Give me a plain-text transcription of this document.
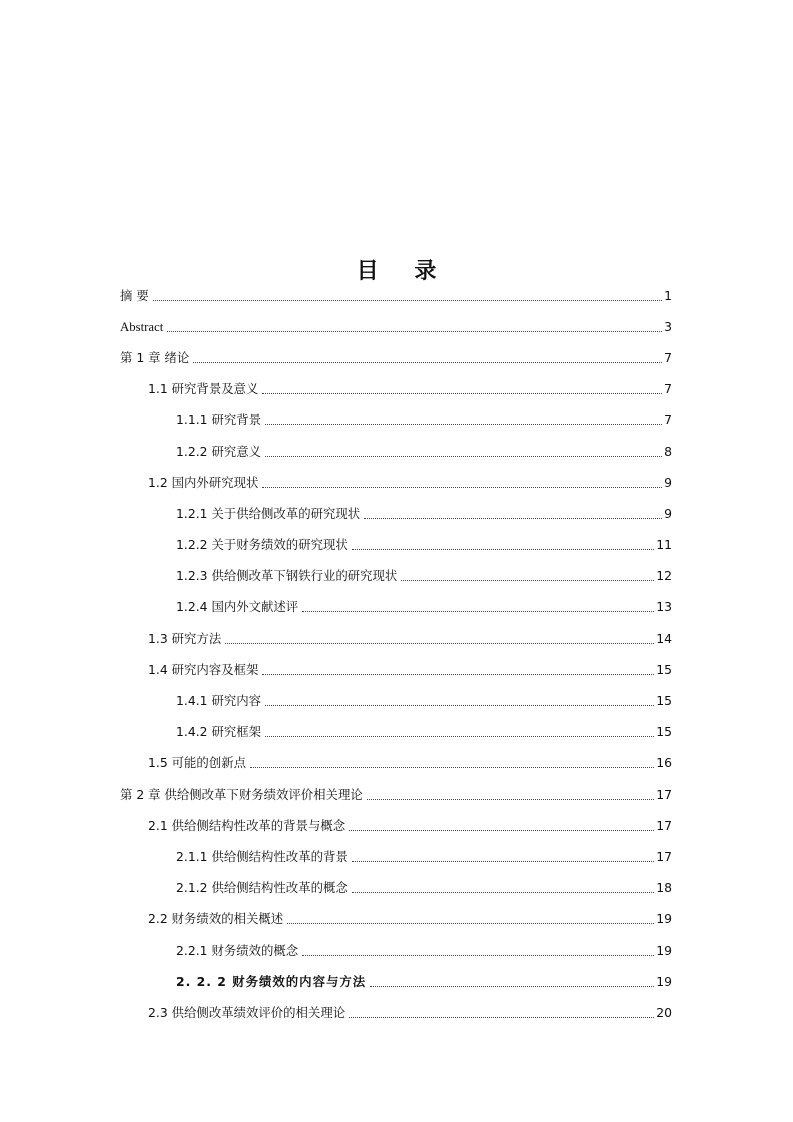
目 录
摘 要	1
Abstract	3
第 1 章 绪论	7
1.1 研究背景及意义	7
1.1.1 研究背景	7
1.2.2 研究意义	8
1.2 国内外研究现状	9
1.2.1 关于供给侧改革的研究现状	9
1.2.2 关于财务绩效的研究现状	11
1.2.3 供给侧改革下钢铁行业的研究现状	12
1.2.4 国内外文献述评	13
1.3 研究方法	14
1.4 研究内容及框架	15
1.4.1 研究内容	15
1.4.2 研究框架	15
1.5 可能的创新点	16
第 2 章 供给侧改革下财务绩效评价相关理论	17
2.1 供给侧结构性改革的背景与概念	17
2.1.1 供给侧结构性改革的背景	17
2.1.2 供给侧结构性改革的概念	18
2.2 财务绩效的相关概述	19
2.2.1 财务绩效的概念	19
2. 2. 2 财务绩效的内容与方法	19
2.3 供给侧改革绩效评价的相关理论	20
